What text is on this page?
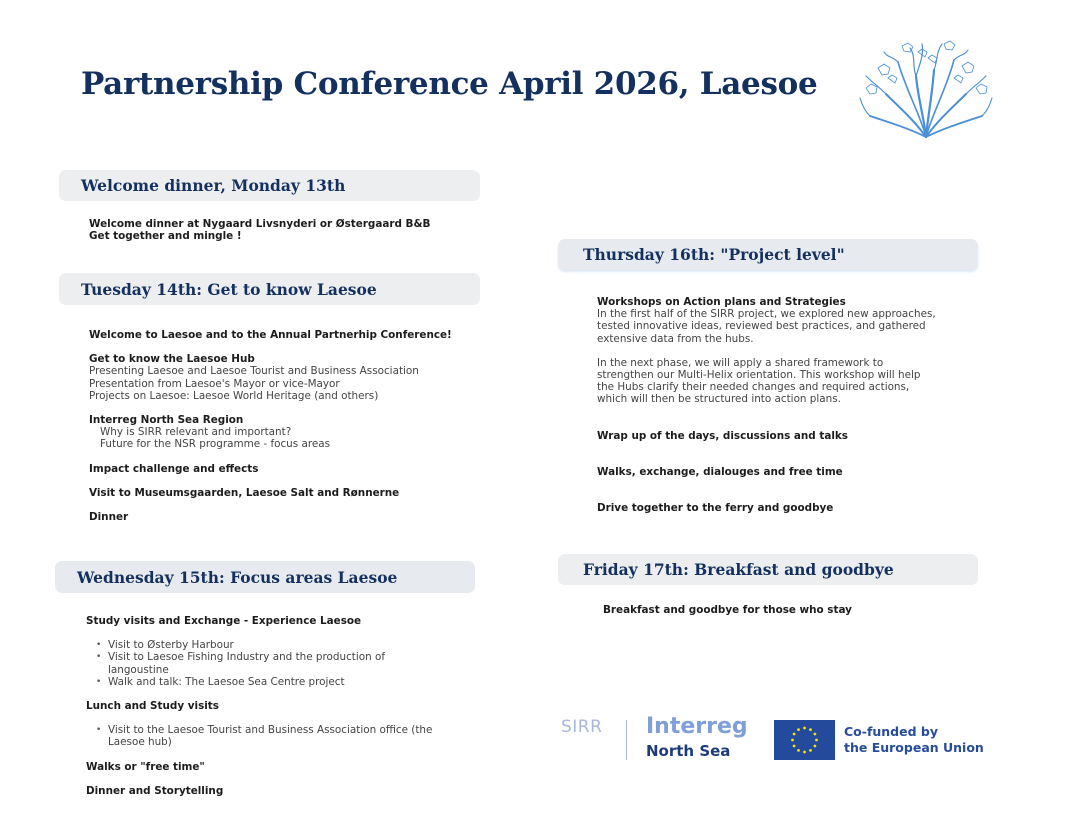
Partnership Conference April 2026, Laesoe
Welcome dinner, Monday 13th
Welcome dinner at Nygaard Livsnyderi or Østergaard B&B
Get together and mingle !
Tuesday 14th: Get to know Laesoe
Welcome to Laesoe and to the Annual Partnerhip Conference!
Get to know the Laesoe Hub
Presenting Laesoe and Laesoe Tourist and Business Association
Presentation from Laesoe's Mayor or vice-Mayor
Projects on Laesoe: Laesoe World Heritage (and others)
Interreg North Sea Region
Why is SIRR relevant and important?
Future for the NSR programme - focus areas
Impact challenge and effects
Visit to Museumsgaarden, Laesoe Salt and Rønnerne
Dinner
Wednesday 15th: Focus areas Laesoe
Study visits and Exchange - Experience Laesoe
• Visit to Østerby Harbour
• Visit to Laesoe Fishing Industry and the production of langoustine
• Walk and talk: The Laesoe Sea Centre project
Lunch and Study visits
• Visit to the Laesoe Tourist and Business Association office (the Laesoe hub)
Walks or "free time"
Dinner and Storytelling
Thursday 16th: "Project level"
Workshops on Action plans and Strategies
In the first half of the SIRR project, we explored new approaches, tested innovative ideas, reviewed best practices, and gathered extensive data from the hubs.
In the next phase, we will apply a shared framework to strengthen our Multi-Helix orientation. This workshop will help the Hubs clarify their needed changes and required actions, which will then be structured into action plans.
Wrap up of the days, discussions and talks
Walks, exchange, dialouges and free time
Drive together to the ferry and goodbye
Friday 17th: Breakfast and goodbye
Breakfast and goodbye for those who stay
SIRR Interreg
North Sea
Co-funded by
the European Union
